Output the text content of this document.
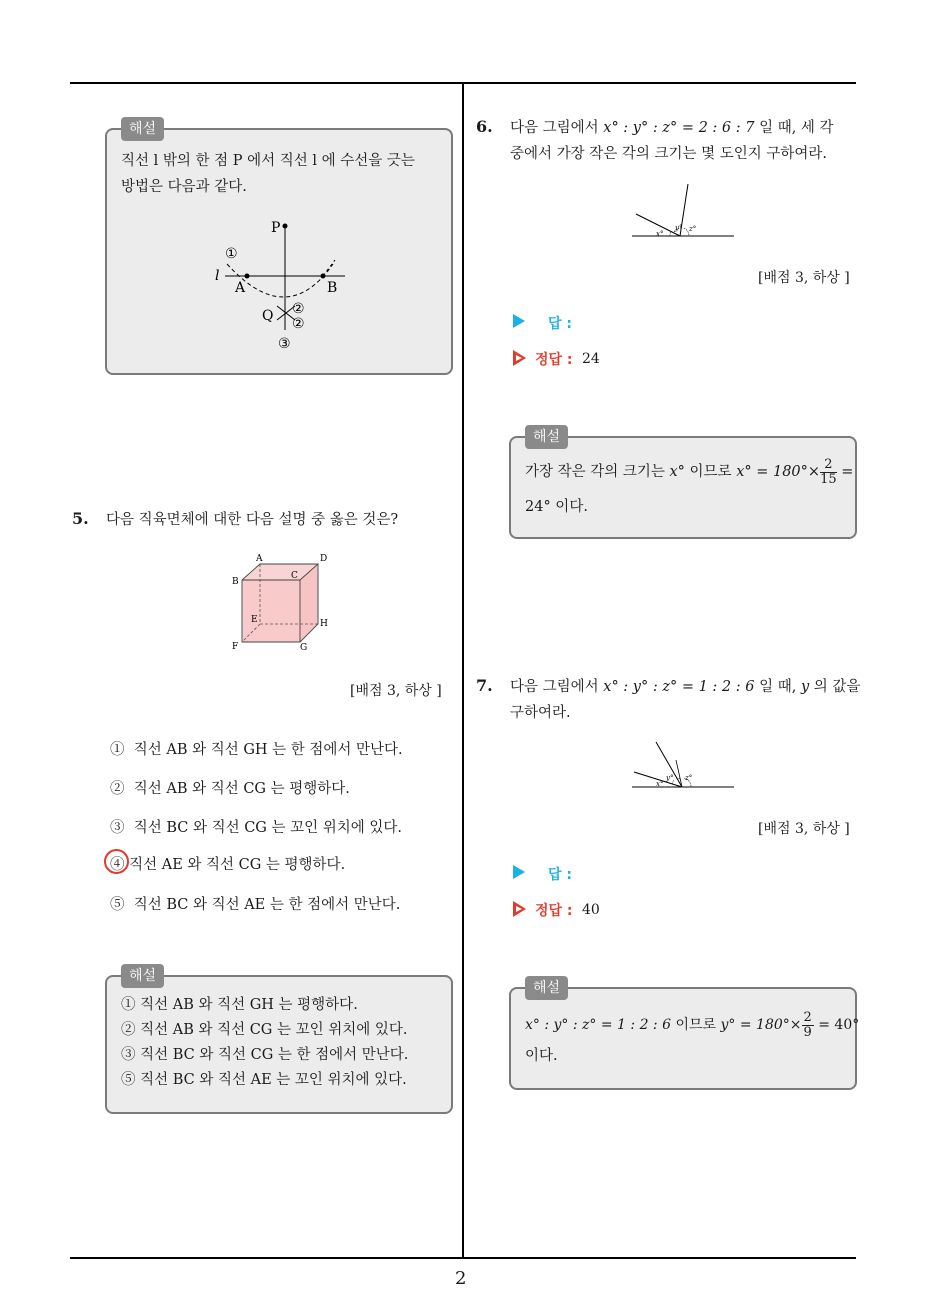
2
해설
직선 l 밖의 한 점 P 에서 직선 l 에 수선을 긋는
방법은 다음과 같다.
P
l
A	B
Q
①
②
②
③
5. 다음 직육면체에 대한 다음 설명 중 옳은 것은?
A	D
B
C
E	H
F	G
[배점 3, 하상 ]
① 직선 AB 와 직선 GH 는 한 점에서 만난다.
② 직선 AB 와 직선 CG 는 평행하다.
③ 직선 BC 와 직선 CG 는 꼬인 위치에 있다.
④ 직선 AE 와 직선 CG 는 평행하다.
⑤ 직선 BC 와 직선 AE 는 한 점에서 만난다.
해설
① 직선 AB 와 직선 GH 는 평행하다.
② 직선 AB 와 직선 CG 는 꼬인 위치에 있다.
③ 직선 BC 와 직선 CG 는 한 점에서 만난다.
⑤ 직선 BC 와 직선 AE 는 꼬인 위치에 있다.
6. 다음 그림에서 x° : y° : z° = 2 : 6 : 7 일 때, 세 각
중에서 가장 작은 각의 크기는 몇 도인지 구하여라.
x°
y° z°
[배점 3, 하상 ]
답 :
정답 : 24
해설
가장 작은 각의 크기는 x° 이므로 $x^\circ = 180^\circ\times \frac{2}{15}$ =
24° 이다.
7. 다음 그림에서 x° : y° : z° = 1 : 2 : 6 일 때, y 의 값을
구하여라.
x°
y° z°
[배점 3, 하상 ]
답 :
정답 : 40
해설
x° : y° : z° = 1 : 2 : 6 이므로 $y^\circ = 180^\circ\times \frac{2}{9} = 40^\circ$
이다.
